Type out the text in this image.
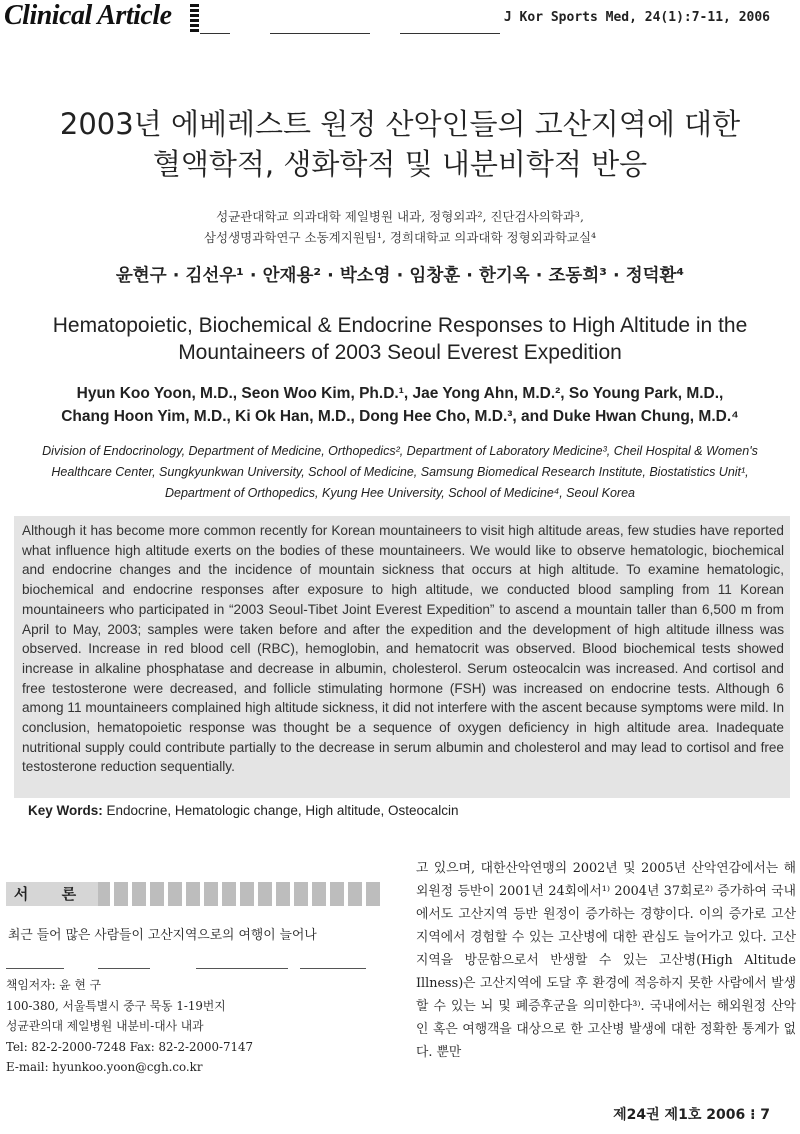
Clinical Article	J Kor Sports Med, 24(1):7-11, 2006
2003년 에베레스트 원정 산악인들의 고산지역에 대한
혈액학적, 생화학적 및 내분비학적 반응
성균관대학교 의과대학 제일병원 내과, 정형외과², 진단검사의학과³,
삼성생명과학연구 소동계지원팀¹, 경희대학교 의과대학 정형외과학교실⁴
윤현구 · 김선우¹ · 안재용² · 박소영 · 임창훈 · 한기옥 · 조동희³ · 정덕환⁴
Hematopoietic, Biochemical & Endocrine Responses to High Altitude in the
Mountaineers of 2003 Seoul Everest Expedition
Hyun Koo Yoon, M.D., Seon Woo Kim, Ph.D.¹, Jae Yong Ahn, M.D.², So Young Park, M.D.,
Chang Hoon Yim, M.D., Ki Ok Han, M.D., Dong Hee Cho, M.D.³, and Duke Hwan Chung, M.D.⁴
Division of Endocrinology, Department of Medicine, Orthopedics², Department of Laboratory Medicine³, Cheil Hospital & Women's
Healthcare Center, Sungkyunkwan University, School of Medicine, Samsung Biomedical Research Institute, Biostatistics Unit¹,
Department of Orthopedics, Kyung Hee University, School of Medicine⁴, Seoul Korea

Although it has become more common recently for Korean mountaineers to visit high altitude areas, few studies have reported what influence high altitude exerts on the bodies of these mountaineers. We would like to observe hematologic, biochemical and endocrine changes and the incidence of mountain sickness that occurs at high altitude. To examine hematologic, biochemical and endocrine responses after exposure to high altitude, we conducted blood sampling from 11 Korean mountaineers who participated in “2003 Seoul-Tibet Joint Everest Expedition” to ascend a mountain taller than 6,500 m from April to May, 2003; samples were taken before and after the expedition and the development of high altitude illness was observed. Increase in red blood cell (RBC), hemoglobin, and hematocrit was observed. Blood biochemical tests showed increase in alkaline phosphatase and decrease in albumin, cholesterol. Serum osteocalcin was increased. And cortisol and free testosterone were decreased, and follicle stimulating hormone (FSH) was increased on endocrine tests. Although 6 among 11 mountaineers complained high altitude sickness, it did not interfere with the ascent because symptoms were mild. In conclusion, hematopoietic response was thought be a sequence of oxygen deficiency in high altitude area. Inadequate nutritional supply could contribute partially to the decrease in serum albumin and cholesterol and may lead to cortisol and free testosterone reduction sequentially.

Key Words: Endocrine, Hematologic change, High altitude, Osteocalcin
서 론

최근 들어 많은 사람들이 고산지역으로의 여행이 늘어나

책임저자: 윤 현 구
100-380, 서울특별시 중구 묵동 1-19번지
성균관의대 제일병원 내분비-대사 내과
Tel: 82-2-2000-7248 Fax: 82-2-2000-7147
E-mail: hyunkoo.yoon@cgh.co.kr

고 있으며, 대한산악연맹의 2002년 및 2005년 산악연감에서는 해외원정 등반이 2001년 24회에서¹⁾ 2004년 37회로²⁾ 증가하여 국내에서도 고산지역 등반 원정이 증가하는 경향이다. 이의 증가로 고산지역에서 경험할 수 있는 고산병에 대한 관심도 늘어가고 있다. 고산지역을 방문함으로서 반생할 수 있는 고산병(High Altitude Illness)은 고산지역에 도달 후 환경에 적응하지 못한 사람에서 발생할 수 있는 뇌 및 폐증후군을 의미한다³⁾. 국내에서는 해외원정 산악인 혹은 여행객을 대상으로 한 고산병 발생에 대한 정확한 통계가 없다. 뿐만

제24권 제1호 2006 ⁝ 7
